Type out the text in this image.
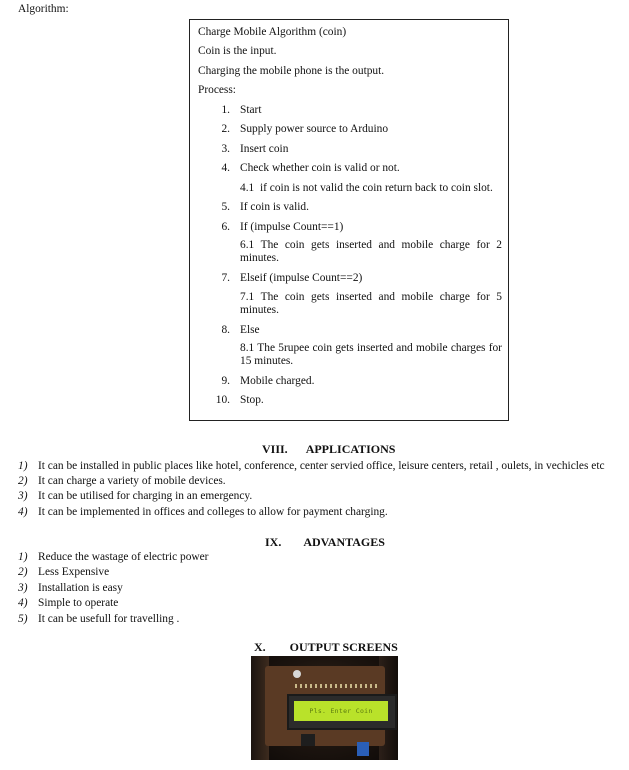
Algorithm:
Charge Mobile Algorithm (coin)
Coin is the input.
Charging the mobile phone is the output.
Process:
1. Start
2. Supply power source to Arduino
3. Insert coin
4. Check whether coin is valid or not.
4.1 if coin is not valid the coin return back to coin slot.
5. If coin is valid.
6. If (impulse Count==1)
6.1 The coin gets inserted and mobile charge for 2 minutes.
7. Elseif (impulse Count==2)
7.1 The coin gets inserted and mobile charge for 5 minutes.
8. Else
8.1 The 5rupee coin gets inserted and mobile charges for 15 minutes.
9. Mobile charged.
10. Stop.
VIII. APPLICATIONS
1) It can be installed in public places like hotel, conference, center servied office, leisure centers, retail , oulets, in vechicles etc
2) It can charge a variety of mobile devices.
3) It can be utilised for charging in an emergency.
4) It can be implemented in offices and colleges to allow for payment charging.
IX. ADVANTAGES
1) Reduce the wastage of electric power
2) Less Expensive
3) Installation is easy
4) Simple to operate
5) It can be usefull for travelling .
X. OUTPUT SCREENS
Pls. Enter Coin
